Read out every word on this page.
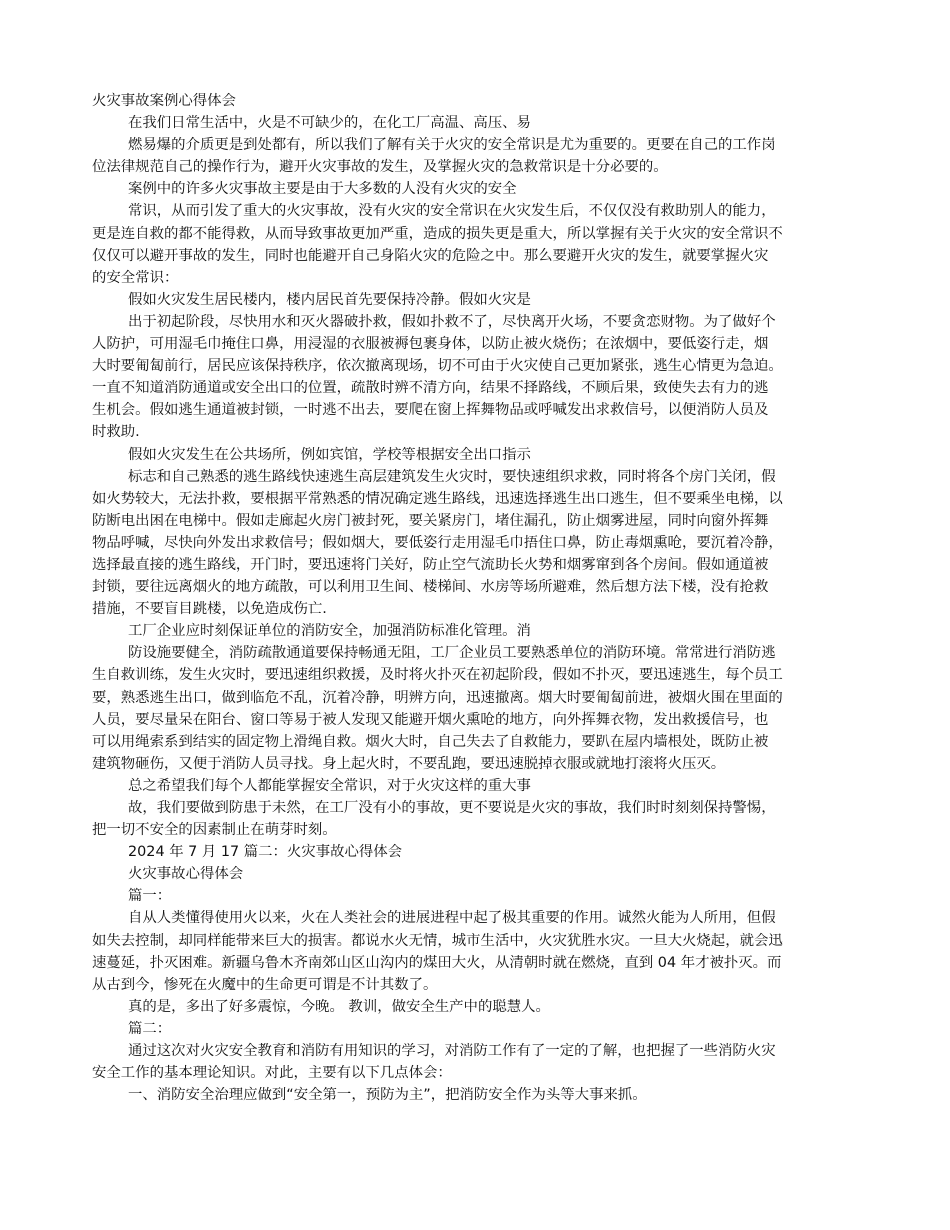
火灾事故案例心得体会
在我们日常生活中，火是不可缺少的，在化工厂高温、高压、易
燃易爆的介质更是到处都有，所以我们了解有关于火灾的安全常识是尤为重要的。更要在自己的工作岗
位法律规范自己的操作行为，避开火灾事故的发生，及掌握火灾的急救常识是十分必要的。
案例中的许多火灾事故主要是由于大多数的人没有火灾的安全
常识，从而引发了重大的火灾事故，没有火灾的安全常识在火灾发生后，不仅仅没有救助别人的能力，
更是连自救的都不能得救，从而导致事故更加严重，造成的损失更是重大，所以掌握有关于火灾的安全常识不
仅仅可以避开事故的发生，同时也能避开自己身陷火灾的危险之中。那么要避开火灾的发生，就要掌握火灾
的安全常识：
假如火灾发生居民楼内，楼内居民首先要保持冷静。假如火灾是
出于初起阶段，尽快用水和灭火器破扑救，假如扑救不了，尽快离开火场，不要贪恋财物。为了做好个
人防护，可用湿毛巾掩住口鼻，用浸湿的衣服被褥包裹身体，以防止被火烧伤；在浓烟中，要低姿行走，烟
大时要匍匐前行，居民应该保持秩序，依次撤离现场，切不可由于火灾使自己更加紧张，逃生心情更为急迫。
一直不知道消防通道或安全出口的位置，疏散时辨不清方向，结果不择路线，不顾后果，致使失去有力的逃
生机会。假如逃生通道被封锁，一时逃不出去，要爬在窗上挥舞物品或呼喊发出求救信号，以便消防人员及
时救助.
假如火灾发生在公共场所，例如宾馆，学校等根据安全出口指示
标志和自己熟悉的逃生路线快速逃生高层建筑发生火灾时，要快速组织求救，同时将各个房门关闭，假
如火势较大，无法扑救，要根据平常熟悉的情况确定逃生路线，迅速选择逃生出口逃生，但不要乘坐电梯，以
防断电出困在电梯中。假如走廊起火房门被封死，要关紧房门，堵住漏孔，防止烟雾进屋，同时向窗外挥舞
物品呼喊，尽快向外发出求救信号；假如烟大，要低姿行走用湿毛巾捂住口鼻，防止毒烟熏呛，要沉着冷静，
选择最直接的逃生路线，开门时，要迅速将门关好，防止空气流助长火势和烟雾窜到各个房间。假如通道被
封锁，要往远离烟火的地方疏散，可以利用卫生间、楼梯间、水房等场所避难，然后想方法下楼，没有抢救
措施，不要盲目跳楼，以免造成伤亡.
工厂企业应时刻保证单位的消防安全，加强消防标准化管理。消
防设施要健全，消防疏散通道要保持畅通无阻，工厂企业员工要熟悉单位的消防环境。常常进行消防逃
生自救训练，发生火灾时，要迅速组织救援，及时将火扑灭在初起阶段，假如不扑灭，要迅速逃生，每个员工
要，熟悉逃生出口，做到临危不乱，沉着冷静，明辨方向，迅速撤离。烟大时要匍匐前进，被烟火围在里面的
人员，要尽量呆在阳台、窗口等易于被人发现又能避开烟火熏呛的地方，向外挥舞衣物，发出救援信号，也
可以用绳索系到结实的固定物上滑绳自救。烟火大时，自己失去了自救能力，要趴在屋内墙根处，既防止被
建筑物砸伤，又便于消防人员寻找。身上起火时，不要乱跑，要迅速脱掉衣服或就地打滚将火压灭。
总之希望我们每个人都能掌握安全常识，对于火灾这样的重大事
故，我们要做到防患于未然，在工厂没有小的事故，更不要说是火灾的事故，我们时时刻刻保持警惕，
把一切不安全的因素制止在萌芽时刻。
2024 年 7 月 17 篇二：火灾事故心得体会
火灾事故心得体会
篇一：
自从人类懂得使用火以来，火在人类社会的进展进程中起了极其重要的作用。诚然火能为人所用，但假
如失去控制，却同样能带来巨大的损害。都说水火无情，城市生活中，火灾犹胜水灾。一旦大火烧起，就会迅
速蔓延，扑灭困难。新疆乌鲁木齐南郊山区山沟内的煤田大火，从清朝时就在燃烧，直到 04 年才被扑灭。而
从古到今，惨死在火魔中的生命更可谓是不计其数了。
真的是，多出了好多震惊，今晚。 教训，做安全生产中的聪慧人。
篇二：
通过这次对火灾安全教育和消防有用知识的学习，对消防工作有了一定的了解，也把握了一些消防火灾
安全工作的基本理论知识。对此，主要有以下几点体会：
一、消防安全治理应做到“安全第一，预防为主”，把消防安全作为头等大事来抓。
